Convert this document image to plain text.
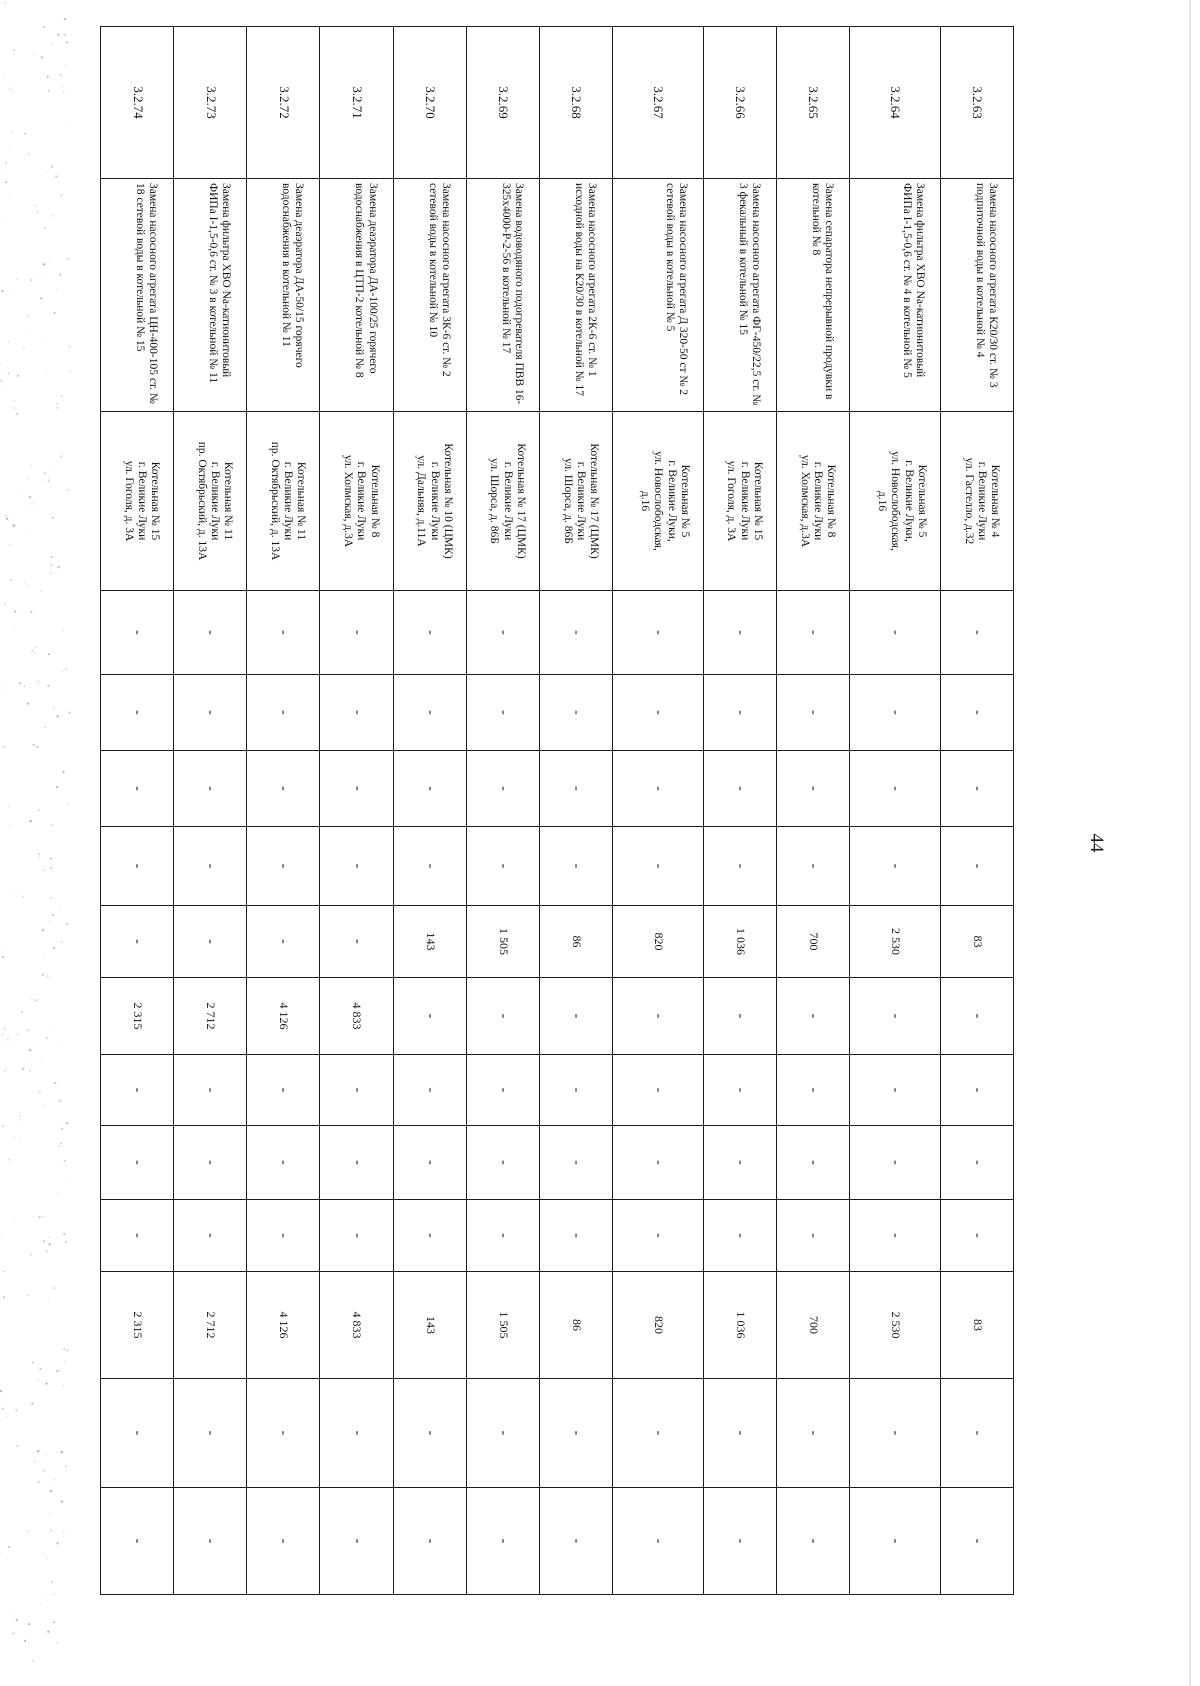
44
3.2.63	Замена насосного агрегата К20/30 ст. № 3 подпиточной воды в котельной № 4	Котельная № 4
г. Великие Луки
ул. Гастелло, д.32	-	-	-	-	83	-	-	-	-	83	-	-
3.2.64	Замена фильтра ХВО Na-катионитовый ФИПа I-1,5-0,6 ст. № 4 в котельной № 5	Котельная № 5
г. Великие Луки,
ул. Новослободская,
д.16	-	-	-	-	2 530	-	-	-	-	2 530	-	-
3.2.65	Замена сепаратора непрерывной продувки в котельной № 8	Котельная № 8
г. Великие Луки
ул. Холмская, д.3А	-	-	-	-	700	-	-	-	-	700	-	-
3.2.66	Замена насосного агрегата ФГ-450/22,5 ст. № 3 фекальный в котельной № 15	Котельная № 15
г. Великие Луки
ул. Гоголя, д. 3А	-	-	-	-	1 036	-	-	-	-	1 036	-	-
3.2.67	Замена насосного агрегата Д 320-50 ст № 2 сетевой воды в котельной № 5	Котельная № 5
г. Великие Луки,
ул. Новослободская,
д.16	-	-	-	-	820	-	-	-	-	820	-	-
3.2.68	Замена насосного агрегата 2К-6 ст. № 1 исходной воды на К20/30 в котельной № 17	Котельная № 17 (ЦМК)
г. Великие Луки
ул. Шорса, д. 86Б	-	-	-	-	86	-	-	-	-	86	-	-
3.2.69	Замена водоводяного подогревателя ПВВ 16-325х4000-Р-2-56 в котельной № 17	Котельная № 17 (ЦМК)
г. Великие Луки
ул. Шорса, д. 86Б	-	-	-	-	1 505	-	-	-	-	1 505	-	-
3.2.70	Замена насосного агрегата 3К-6 ст. № 2 сетевой воды в котельной № 10	Котельная № 10 (ЦМК)
г. Великие Луки
ул. Дальняя, д.11А	-	-	-	-	143	-	-	-	-	143	-	-
3.2.71	Замена деаэратора ДА-100/25 горячего водоснабжения в ЦТП-2 котельной № 8	Котельная № 8
г. Великие Луки
ул. Холмская, д.3А	-	-	-	-	-	4 833	-	-	-	4 833	-	-
3.2.72	Замена деаэратора ДА-50/15 горячего водоснабжения в котельной № 11	Котельная № 11
г. Великие Луки
пр. Октябрьский, д. 13А	-	-	-	-	-	4 126	-	-	-	4 126	-	-
3.2.73	Замена фильтра ХВО Na-катионитовый ФИПа I-1,5-0,6 ст. № 3 в котельной № 11	Котельная № 11
г. Великие Луки
пр. Октябрьский, д. 13А	-	-	-	-	-	2 712	-	-	-	2 712	-	-
3.2.74	Замена насосного агрегата ЦН-400-105 ст. № 18 сетевой воды в котельной № 15	Котельная № 15
г. Великие Луки
ул. Гоголя, д. 3А	-	-	-	-	-	2 315	-	-	-	2 315	-	-
